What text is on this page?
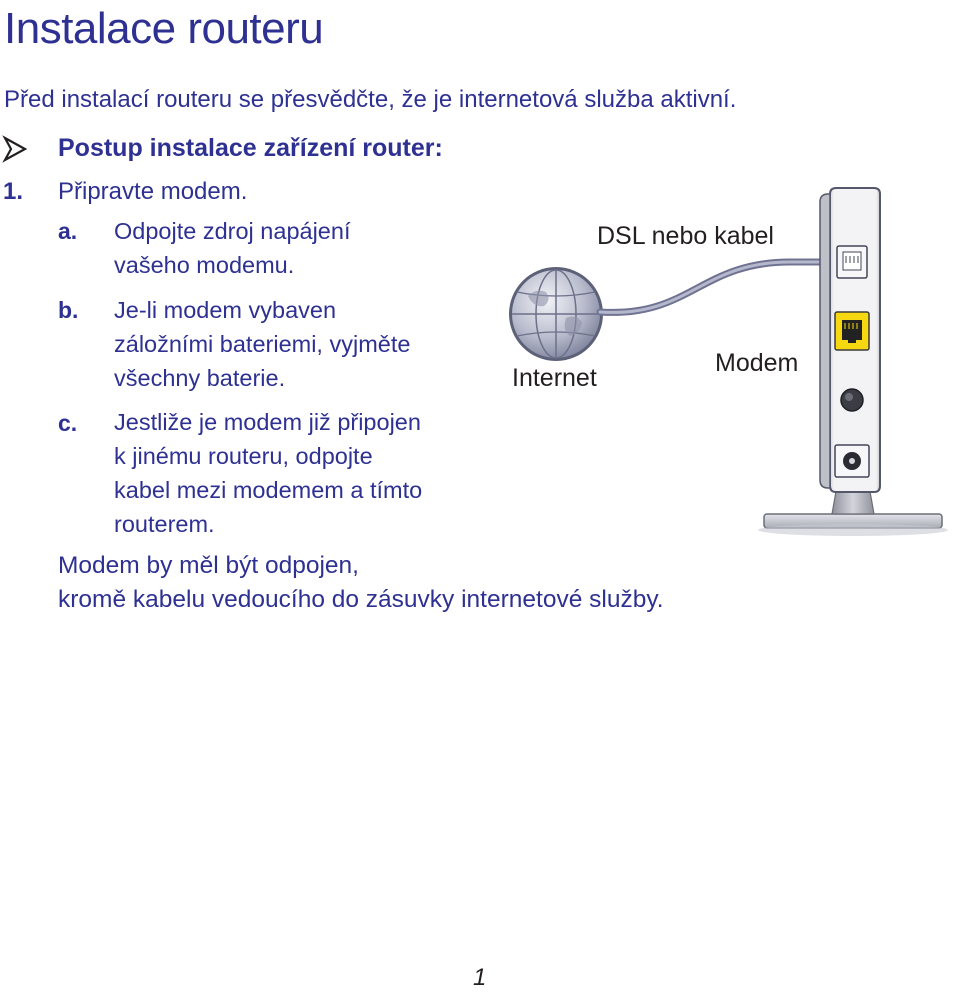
Instalace routeru
Před instalací routeru se přesvědčte, že je internetová služba aktivní.
Postup instalace zařízení router:
1. Připravte modem.
a. Odpojte zdroj napájení
vašeho modemu.
b. Je-li modem vybaven
záložními bateriemi, vyjměte
všechny baterie.
c. Jestliže je modem již připojen
k jinému routeru, odpojte
kabel mezi modemem a tímto
routerem.
Modem by měl být odpojen,
kromě kabelu vedoucího do zásuvky internetové služby.
DSL nebo kabel
Internet
Modem
1
